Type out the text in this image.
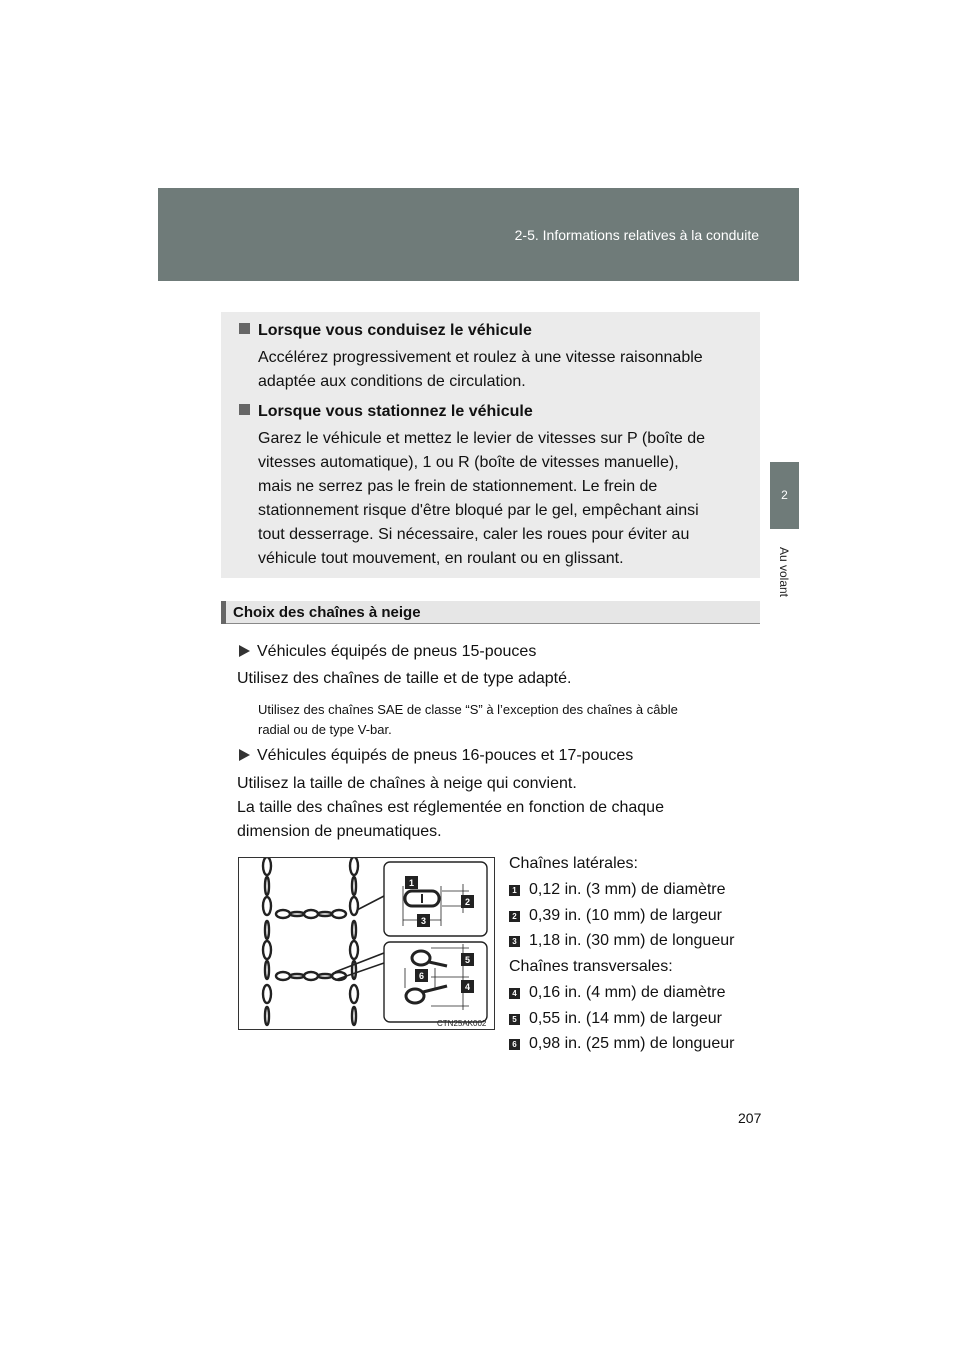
2-5. Informations relatives à la conduite
2
Au volant
Lorsque vous conduisez le véhicule
Accélérez progressivement et roulez à une vitesse raisonnable
adaptée aux conditions de circulation.
Lorsque vous stationnez le véhicule
Garez le véhicule et mettez le levier de vitesses sur P (boîte de
vitesses automatique), 1 ou R (boîte de vitesses manuelle),
mais ne serrez pas le frein de stationnement. Le frein de
stationnement risque d'être bloqué par le gel, empêchant ainsi
tout desserrage. Si nécessaire, caler les roues pour éviter au
véhicule tout mouvement, en roulant ou en glissant.
Choix des chaînes à neige
Véhicules équipés de pneus 15-pouces
Utilisez des chaînes de taille et de type adapté.
Utilisez des chaînes SAE de classe “S” à l’exception des chaînes à câble
radial ou de type V-bar.
Véhicules équipés de pneus 16-pouces et 17-pouces
Utilisez la taille de chaînes à neige qui convient.
La taille des chaînes est réglementée en fonction de chaque
dimension de pneumatiques.
1
2
3
4
5
6
CTN25AK002
Chaînes latérales:
1 0,12 in. (3 mm) de diamètre
2 0,39 in. (10 mm) de largeur
3 1,18 in. (30 mm) de longueur
Chaînes transversales:
4 0,16 in. (4 mm) de diamètre
5 0,55 in. (14 mm) de largeur
6 0,98 in. (25 mm) de longueur
207
